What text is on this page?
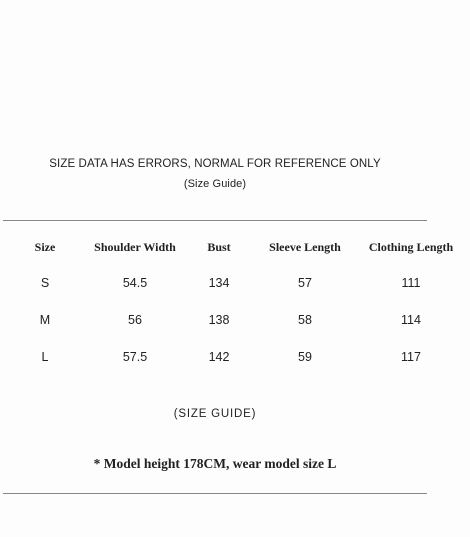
SIZE DATA HAS ERRORS, NORMAL FOR REFERENCE ONLY
(Size Guide)
Size	Shoulder Width	Bust	Sleeve Length	Clothing Length
S	54.5	134	57	111
M	56	138	58	114
L	57.5	142	59	117
(SIZE GUIDE)
* Model height 178CM, wear model size L
